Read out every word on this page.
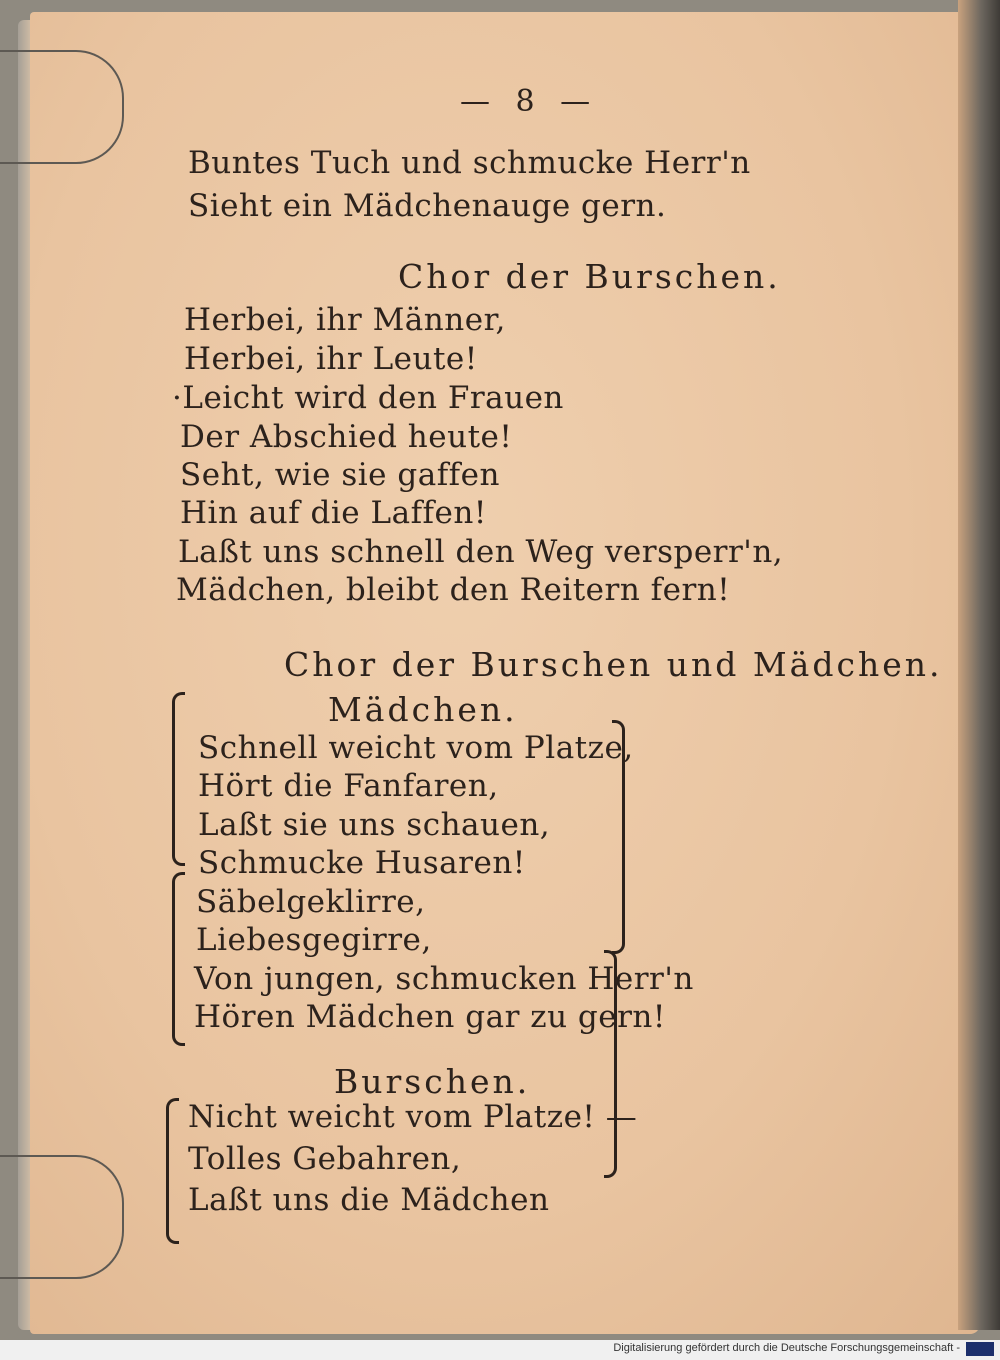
— 8 —
Buntes Tuch und schmucke Herr'n
Sieht ein Mädchenauge gern.
Chor der Burschen.
Herbei, ihr Männer,
Herbei, ihr Leute!
·Leicht wird den Frauen
Der Abschied heute!
Seht, wie sie gaffen
Hin auf die Laffen!
Laßt uns schnell den Weg versperr'n,
Mädchen, bleibt den Reitern fern!
Chor der Burschen und Mädchen.
Mädchen.
Schnell weicht vom Platze,
Hört die Fanfaren,
Laßt sie uns schauen,
Schmucke Husaren!
Säbelgeklirre,
Liebesgegirre,
Von jungen, schmucken Herr'n
Hören Mädchen gar zu gern!
Burschen.
Nicht weicht vom Platze! —
Tolles Gebahren,
Laßt uns die Mädchen
Digitalisierung gefördert durch die Deutsche Forschungsgemeinschaft -
